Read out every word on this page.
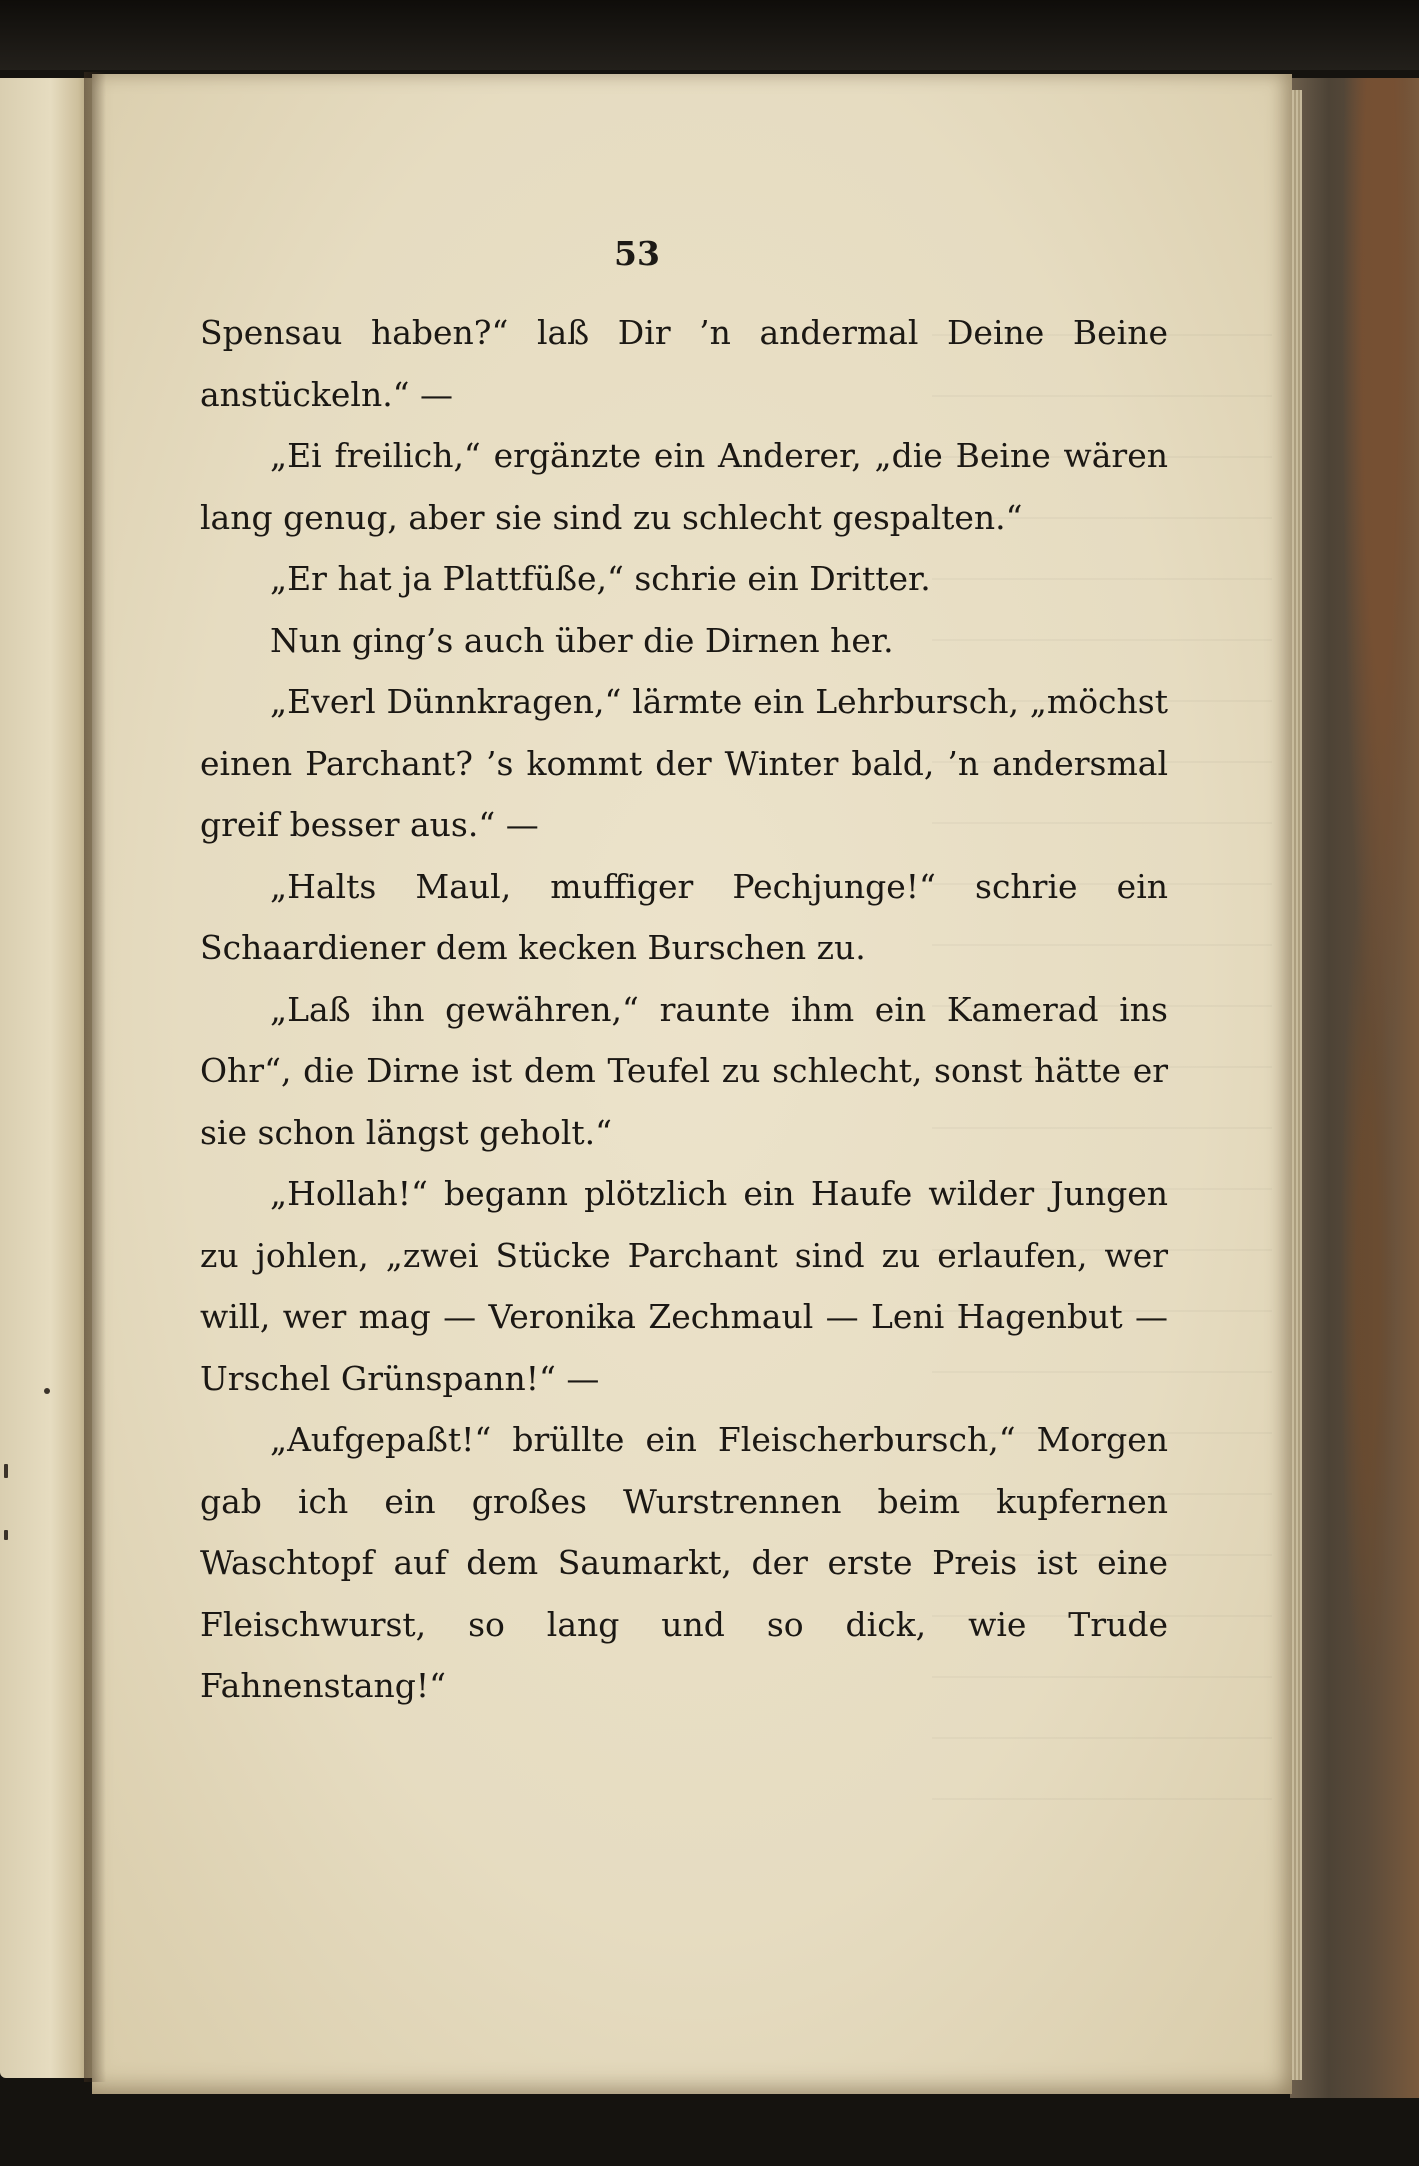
53

Spensau haben?“ laß Dir ’n andermal Deine Beine anstückeln.“ —

„Ei freilich,“ ergänzte ein Anderer, „die Beine wären lang genug, aber sie sind zu schlecht gespalten.“

„Er hat ja Plattfüße,“ schrie ein Dritter.

Nun ging’s auch über die Dirnen her.

„Everl Dünnkragen,“ lärmte ein Lehrbursch, „möchst einen Parchant? ’s kommt der Winter bald, ’n andersmal greif besser aus.“ —

„Halts Maul, muffiger Pechjunge!“ schrie ein Schaardiener dem kecken Burschen zu.

„Laß ihn gewähren,“ raunte ihm ein Kamerad ins Ohr“, die Dirne ist dem Teufel zu schlecht, sonst hätte er sie schon längst geholt.“

„Hollah!“ begann plötzlich ein Haufe wilder Jungen zu johlen, „zwei Stücke Parchant sind zu erlaufen, wer will, wer mag — Veronika Zechmaul — Leni Hagenbut — Urschel Grünspann!“ —

„Aufgepaßt!“ brüllte ein Fleischerbursch,“ Morgen gab ich ein großes Wurstrennen beim kupfernen Waschtopf auf dem Saumarkt, der erste Preis ist eine Fleischwurst, so lang und so dick, wie Trude Fahnenstang!“
